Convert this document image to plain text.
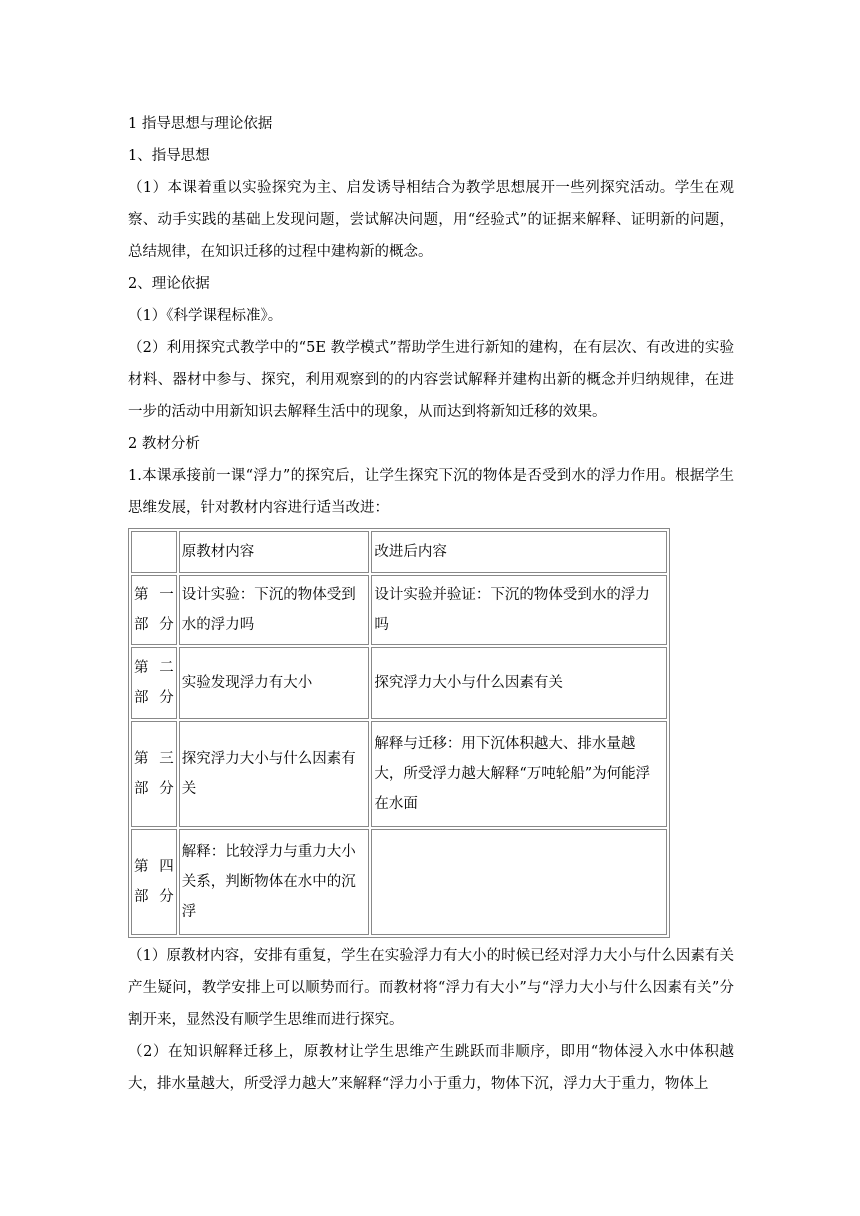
1 指导思想与理论依据

1、指导思想

（1）本课着重以实验探究为主、启发诱导相结合为教学思想展开一些列探究活动。学生在观察、动手实践的基础上发现问题，尝试解决问题，用“经验式”的证据来解释、证明新的问题，总结规律，在知识迁移的过程中建构新的概念。

2、理论依据

（1）《科学课程标准》。

（2）利用探究式教学中的“5E 教学模式”帮助学生进行新知的建构，在有层次、有改进的实验材料、器材中参与、探究，利用观察到的的内容尝试解释并建构出新的概念并归纳规律，在进一步的活动中用新知识去解释生活中的现象，从而达到将新知迁移的效果。

2 教材分析

1.本课承接前一课“浮力”的探究后，让学生探究下沉的物体是否受到水的浮力作用。根据学生思维发展，针对教材内容进行适当改进：

	原教材内容	改进后内容
第 一 部分	设计实验：下沉的物体受到水的浮力吗	设计实验并验证：下沉的物体受到水的浮力吗
第 二 部分	实验发现浮力有大小	探究浮力大小与什么因素有关
第 三 部分	探究浮力大小与什么因素有关	解释与迁移：用下沉体积越大、排水量越大，所受浮力越大解释“万吨轮船”为何能浮在水面
第 四 部分	解释：比较浮力与重力大小关系，判断物体在水中的沉浮	

（1）原教材内容，安排有重复，学生在实验浮力有大小的时候已经对浮力大小与什么因素有关产生疑问，教学安排上可以顺势而行。而教材将“浮力有大小”与“浮力大小与什么因素有关”分割开来，显然没有顺学生思维而进行探究。

（2）在知识解释迁移上，原教材让学生思维产生跳跃而非顺序，即用“物体浸入水中体积越大，排水量越大，所受浮力越大”来解释“浮力小于重力，物体下沉，浮力大于重力，物体上
